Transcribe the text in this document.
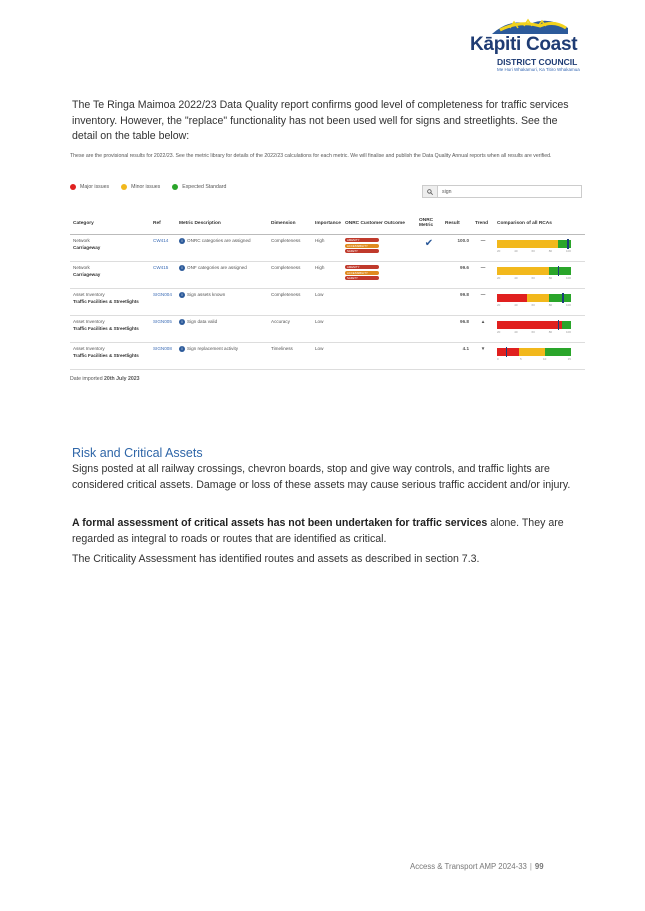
Kāpiti Coast
DISTRICT COUNCIL
Me Huri Whakamuri, Ka Titiro Whakamua
The Te Ringa Maimoa 2022/23 Data Quality report confirms good level of completeness for traffic services inventory. However, the "replace" functionality has not been used well for signs and streetlights. See the detail on the table below:
These are the provisional results for 2022/23. See the metric library for details of the 2022/23 calculations for each metric. We will finalise and publish the Data Quality Annual reports when all results are verified.
Major issues	Minor issues	Expected Standard
sign
Category	Ref	Metric Description	Dimension	Importance	ONRC Customer Outcome	ONRC Metric	Result	Trend	Comparison of all RCAs
Network
Carriageway	CW414	i ONRC categories are assigned	Completeness	High	AMENITY
ACCESSIBILITY
SAFETY	✔	100.0	—	20 40 60 80 100

Network
Carriageway	CW415	i ONF categories are assigned	Completeness	High	AMENITY
ACCESSIBILITY
SAFETY		99.6	—	20 40 60 80 100

Asset Inventory
Traffic Facilities & Streetlights	SIGN004	i Sign assets known	Completeness	Low			99.8	—	20 40 60 80 100

Asset Inventory
Traffic Facilities & Streetlights	SIGN005	i Sign data valid	Accuracy	Low			96.8	▲	20 40 60 80 100

Asset Inventory
Traffic Facilities & Streetlights	SIGN008	i Sign replacement activity	Timeliness	Low			4.1	▼	0 5 10 15
Date imported 20th July 2023
Risk and Critical Assets
Signs posted at all railway crossings, chevron boards, stop and give way controls, and traffic lights are considered critical assets. Damage or loss of these assets may cause serious traffic accident and/or injury.
A formal assessment of critical assets has not been undertaken for traffic services alone. They are regarded as integral to roads or routes that are identified as critical.
The Criticality Assessment has identified routes and assets as described in section 7.3.
Access & Transport AMP 2024-33 | 99
